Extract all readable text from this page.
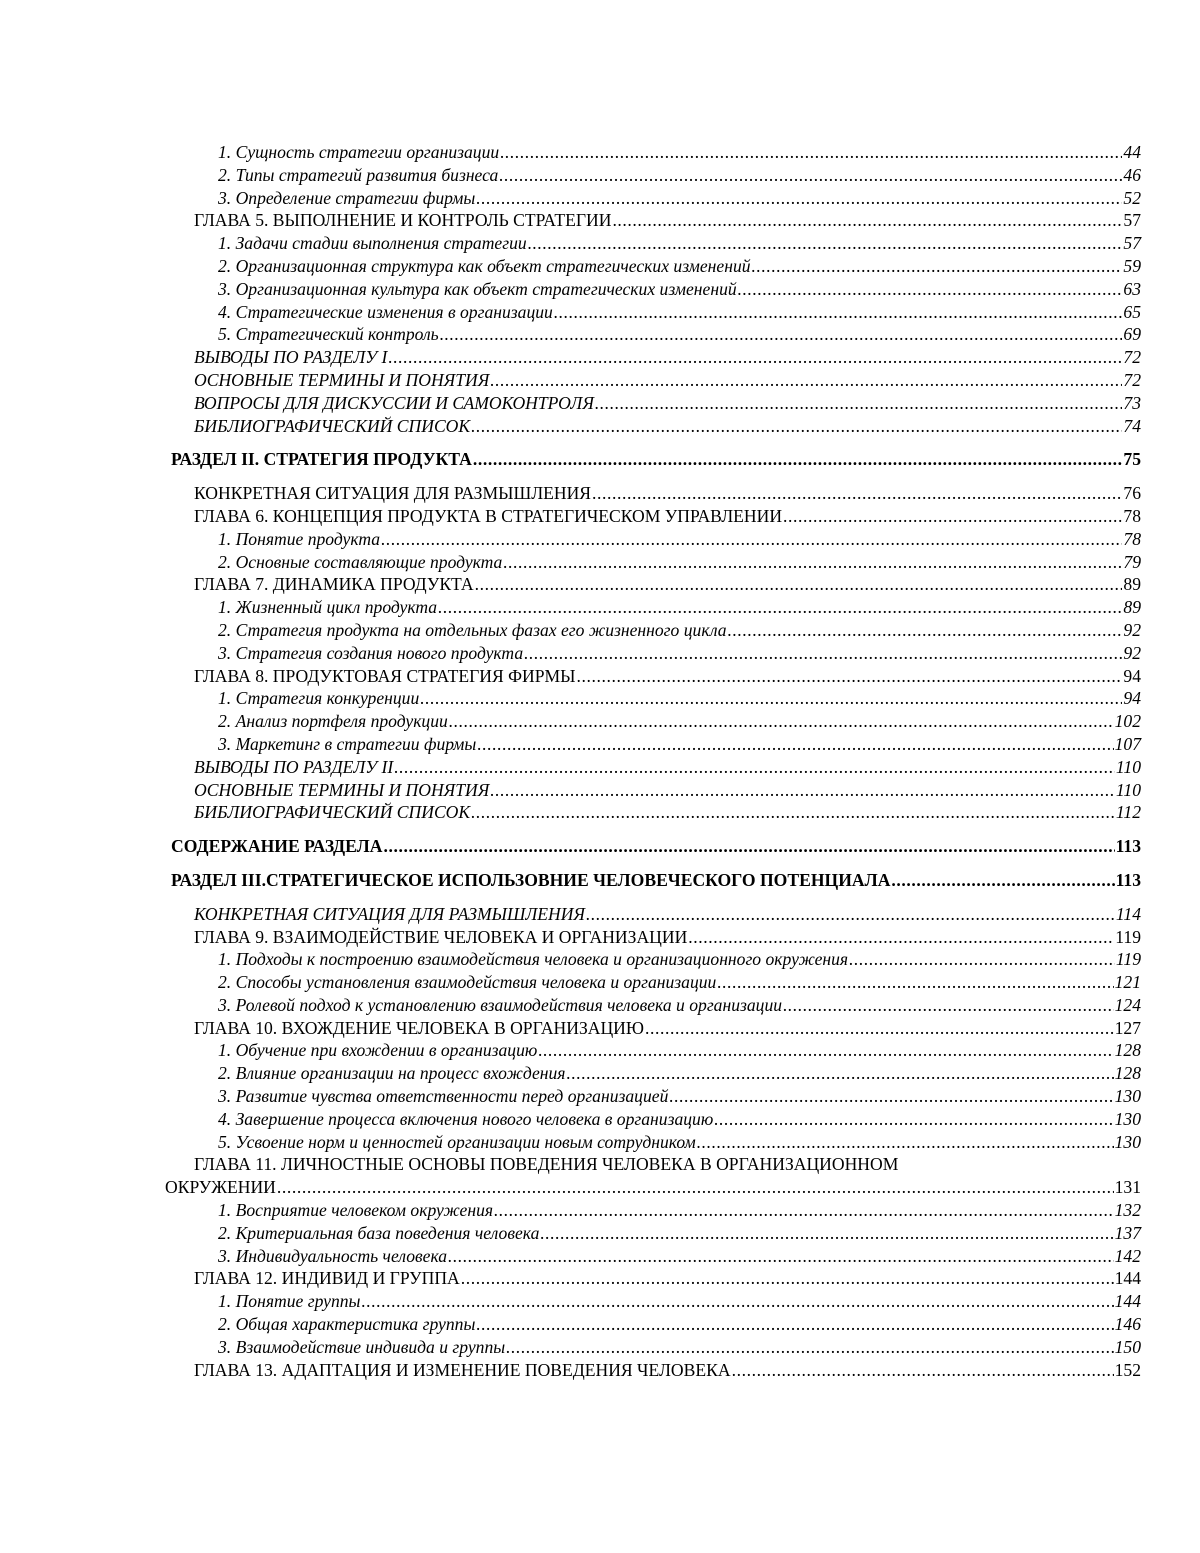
1. Сущность стратегии организации .....	44
2. Типы стратегий развития бизнеса .....	46
3. Определение стратегии фирмы .....	52
ГЛАВА 5. ВЫПОЛНЕНИЕ И КОНТРОЛЬ СТРАТЕГИИ .....	57
1. Задачи стадии выполнения стратегии .....	57
2. Организационная структура как объект стратегических изменений .....	59
3. Организационная культура как объект стратегических изменений .....	63
4. Стратегические изменения в организации .....	65
5. Стратегический контроль .....	69
ВЫВОДЫ ПО РАЗДЕЛУ I .....	72
ОСНОВНЫЕ ТЕРМИНЫ И ПОНЯТИЯ .....	72
ВОПРОСЫ ДЛЯ ДИСКУССИИ И САМОКОНТРОЛЯ .....	73
БИБЛИОГРАФИЧЕСКИЙ СПИСОК .....	74
РАЗДЕЛ II. СТРАТЕГИЯ ПРОДУКТА .....	75
КОНКРЕТНАЯ СИТУАЦИЯ ДЛЯ РАЗМЫШЛЕНИЯ .....	76
ГЛАВА 6. КОНЦЕПЦИЯ ПРОДУКТА В СТРАТЕГИЧЕСКОМ УПРАВЛЕНИИ .....	78
1. Понятие продукта .....	78
2. Основные составляющие продукта .....	79
ГЛАВА 7. ДИНАМИКА ПРОДУКТА .....	89
1. Жизненный цикл продукта .....	89
2. Стратегия продукта на отдельных фазах его жизненного цикла .....	92
3. Стратегия создания нового продукта .....	92
ГЛАВА 8. ПРОДУКТОВАЯ СТРАТЕГИЯ ФИРМЫ .....	94
1. Стратегия конкуренции .....	94
2. Анализ портфеля продукции .....	102
3. Маркетинг в стратегии фирмы .....	107
ВЫВОДЫ ПО РАЗДЕЛУ II .....	110
ОСНОВНЫЕ ТЕРМИНЫ И ПОНЯТИЯ .....	110
БИБЛИОГРАФИЧЕСКИЙ СПИСОК .....	112
СОДЕРЖАНИЕ РАЗДЕЛА .....	113
РАЗДЕЛ III.СТРАТЕГИЧЕСКОЕ ИСПОЛЬЗОВНИЕ ЧЕЛОВЕЧЕСКОГО ПОТЕНЦИАЛА .....	113
КОНКРЕТНАЯ СИТУАЦИЯ ДЛЯ РАЗМЫШЛЕНИЯ .....	114
ГЛАВА 9. ВЗАИМОДЕЙСТВИЕ ЧЕЛОВЕКА И ОРГАНИЗАЦИИ .....	119
1. Подходы к построению взаимодействия человека и организационного окружения .....	119
2. Способы установления взаимодействия человека и организации .....	121
3. Ролевой подход к установлению взаимодействия человека и организации .....	124
ГЛАВА 10. ВХОЖДЕНИЕ ЧЕЛОВЕКА В ОРГАНИЗАЦИЮ .....	127
1. Обучение при вхождении в организацию .....	128
2. Влияние организации на процесс вхождения .....	128
3. Развитие чувства ответственности перед организацией .....	130
4. Завершение процесса включения нового человека в организацию .....	130
5. Усвоение норм и ценностей организации новым сотрудником .....	130
ГЛАВА 11. ЛИЧНОСТНЫЕ ОСНОВЫ ПОВЕДЕНИЯ ЧЕЛОВЕКА В ОРГАНИЗАЦИОННОМ
ОКРУЖЕНИИ .....	131
1. Восприятие человеком окружения .....	132
2. Критериальная база поведения человека .....	137
3. Индивидуальность человека .....	142
ГЛАВА 12. ИНДИВИД И ГРУППА .....	144
1. Понятие группы .....	144
2. Общая характеристика группы .....	146
3. Взаимодействие индивида и группы .....	150
ГЛАВА 13. АДАПТАЦИЯ И ИЗМЕНЕНИЕ ПОВЕДЕНИЯ ЧЕЛОВЕКА .....	152
